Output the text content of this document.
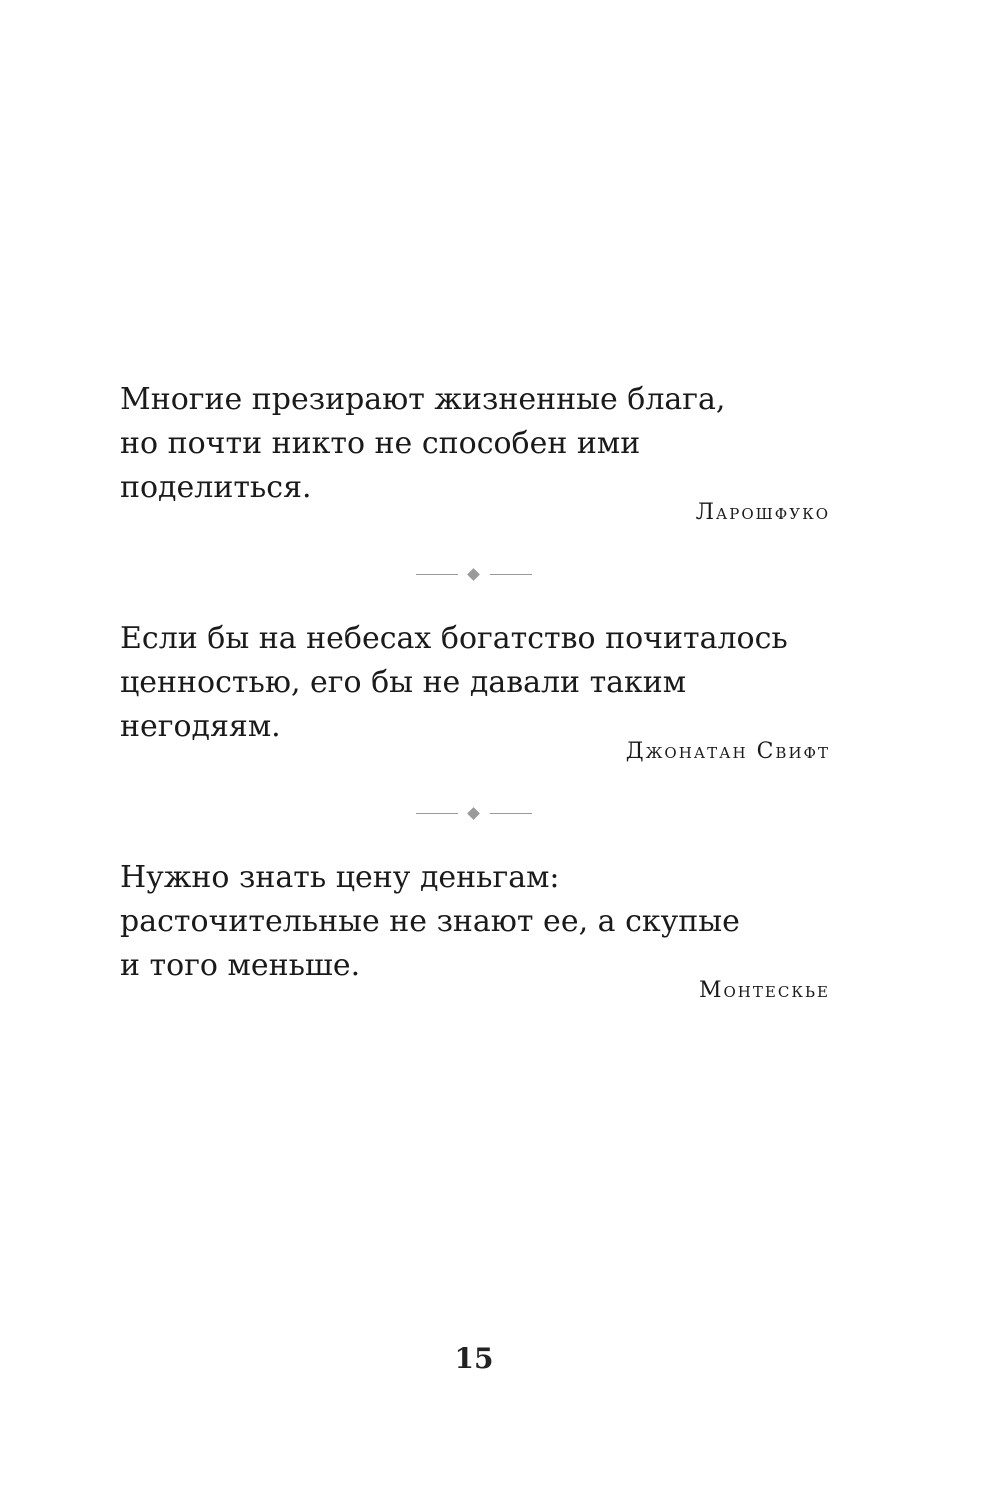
Многие презирают жизненные блага,
но почти никто не способен ими
поделиться.

Ларошфуко

Если бы на небесах богатство почиталось
ценностью, его бы не давали таким
негодяям.

Джонатан Свифт

Нужно знать цену деньгам:
расточительные не знают ее, а скупые
и того меньше.

Монтескье
15
